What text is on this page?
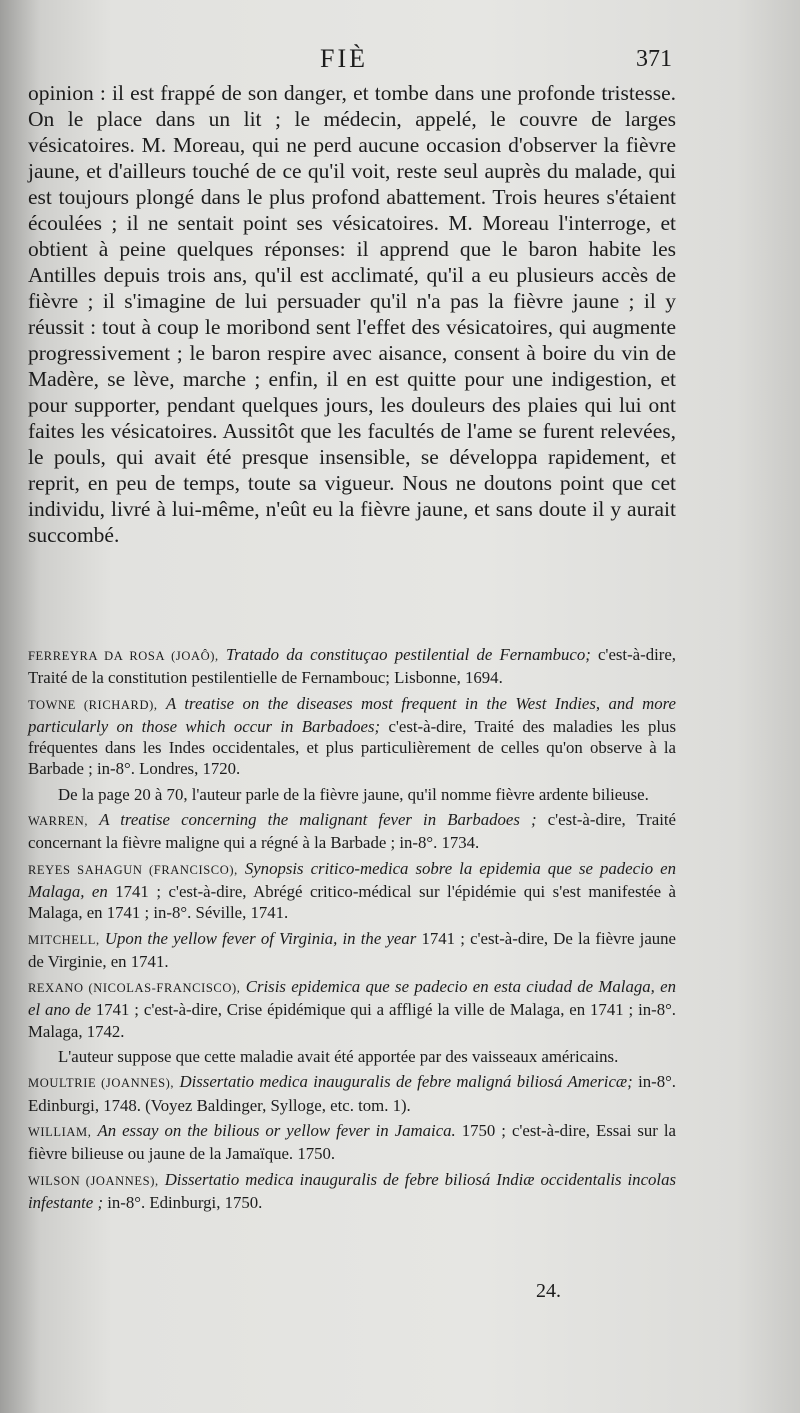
FIÈ	371

opinion : il est frappé de son danger, et tombe dans une profonde tristesse. On le place dans un lit ; le médecin, appelé, le couvre de larges vésicatoires. M. Moreau, qui ne perd aucune occasion d'observer la fièvre jaune, et d'ailleurs touché de ce qu'il voit, reste seul auprès du malade, qui est toujours plongé dans le plus profond abattement. Trois heures s'étaient écoulées ; il ne sentait point ses vésicatoires. M. Moreau l'interroge, et obtient à peine quelques réponses: il apprend que le baron habite les Antilles depuis trois ans, qu'il est acclimaté, qu'il a eu plusieurs accès de fièvre ; il s'imagine de lui persuader qu'il n'a pas la fièvre jaune ; il y réussit : tout à coup le moribond sent l'effet des vésicatoires, qui augmente progressivement ; le baron respire avec aisance, consent à boire du vin de Madère, se lève, marche ; enfin, il en est quitte pour une indigestion, et pour supporter, pendant quelques jours, les douleurs des plaies qui lui ont faites les vésicatoires. Aussitôt que les facultés de l'ame se furent relevées, le pouls, qui avait été presque insensible, se développa rapidement, et reprit, en peu de temps, toute sa vigueur. Nous ne doutons point que cet individu, livré à lui-même, n'eût eu la fièvre jaune, et sans doute il y aurait succombé.

FERREYRA DA ROSA (JOAÔ), Tratado da constituçao pestilential de Fernambuco; c'est-à-dire, Traité de la constitution pestilentielle de Fernambouc; Lisbonne, 1694.

TOWNE (RICHARD), A treatise on the diseases most frequent in the West Indies, and more particularly on those which occur in Barbadoes; c'est-à-dire, Traité des maladies les plus fréquentes dans les Indes occidentales, et plus particulièrement de celles qu'on observe à la Barbade ; in-8°. Londres, 1720.

De la page 20 à 70, l'auteur parle de la fièvre jaune, qu'il nomme fièvre ardente bilieuse.

WARREN, A treatise concerning the malignant fever in Barbadoes ; c'est-à-dire, Traité concernant la fièvre maligne qui a régné à la Barbade ; in-8°. 1734.

REYES SAHAGUN (FRANCISCO), Synopsis critico-medica sobre la epidemia que se padecio en Malaga, en 1741 ; c'est-à-dire, Abrégé critico-médical sur l'épidémie qui s'est manifestée à Malaga, en 1741 ; in-8°. Séville, 1741.

MITCHELL, Upon the yellow fever of Virginia, in the year 1741 ; c'est-à-dire, De la fièvre jaune de Virginie, en 1741.

REXANO (NICOLAS-FRANCISCO), Crisis epidemica que se padecio en esta ciudad de Malaga, en el ano de 1741 ; c'est-à-dire, Crise épidémique qui a affligé la ville de Malaga, en 1741 ; in-8°. Malaga, 1742.

L'auteur suppose que cette maladie avait été apportée par des vaisseaux américains.

MOULTRIE (JOANNES), Dissertatio medica inauguralis de febre maligná biliosá Americæ; in-8°. Edinburgi, 1748. (Voyez Baldinger, Sylloge, etc. tom. 1).

WILLIAM, An essay on the bilious or yellow fever in Jamaica. 1750 ; c'est-à-dire, Essai sur la fièvre bilieuse ou jaune de la Jamaïque. 1750.

WILSON (JOANNES), Dissertatio medica inauguralis de febre biliosá Indiæ occidentalis incolas infestante ; in-8°. Edinburgi, 1750.

24.
